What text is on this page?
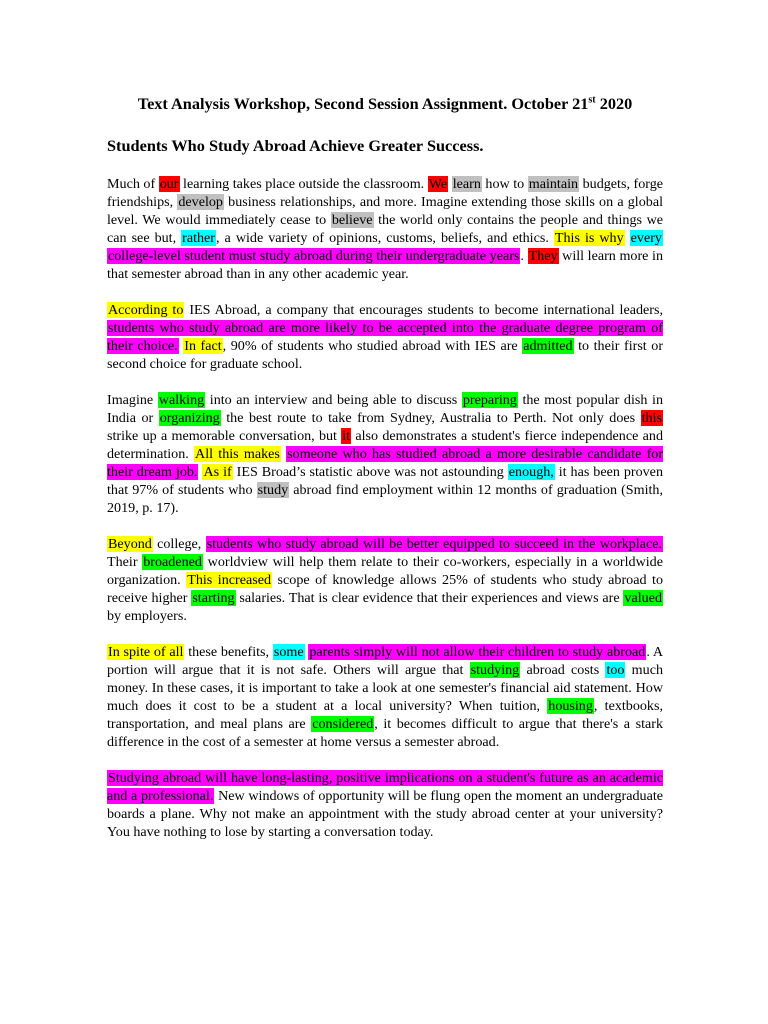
Text Analysis Workshop, Second Session Assignment. October 21st 2020
Students Who Study Abroad Achieve Greater Success.

Much of our learning takes place outside the classroom. We learn how to maintain budgets, forge friendships, develop business relationships, and more. Imagine extending those skills on a global level. We would immediately cease to believe the world only contains the people and things we can see but, rather, a wide variety of opinions, customs, beliefs, and ethics. This is why every college-level student must study abroad during their undergraduate years. They will learn more in that semester abroad than in any other academic year.

According to IES Abroad, a company that encourages students to become international leaders, students who study abroad are more likely to be accepted into the graduate degree program of their choice. In fact, 90% of students who studied abroad with IES are admitted to their first or second choice for graduate school.

Imagine walking into an interview and being able to discuss preparing the most popular dish in India or organizing the best route to take from Sydney, Australia to Perth. Not only does this strike up a memorable conversation, but it also demonstrates a student's fierce independence and determination. All this makes someone who has studied abroad a more desirable candidate for their dream job. As if IES Broad’s statistic above was not astounding enough, it has been proven that 97% of students who study abroad find employment within 12 months of graduation (Smith, 2019, p. 17).

Beyond college, students who study abroad will be better equipped to succeed in the workplace. Their broadened worldview will help them relate to their co-workers, especially in a worldwide organization. This increased scope of knowledge allows 25% of students who study abroad to receive higher starting salaries. That is clear evidence that their experiences and views are valued by employers.

In spite of all these benefits, some parents simply will not allow their children to study abroad. A portion will argue that it is not safe. Others will argue that studying abroad costs too much money. In these cases, it is important to take a look at one semester's financial aid statement. How much does it cost to be a student at a local university? When tuition, housing, textbooks, transportation, and meal plans are considered, it becomes difficult to argue that there's a stark difference in the cost of a semester at home versus a semester abroad.

Studying abroad will have long-lasting, positive implications on a student's future as an academic and a professional. New windows of opportunity will be flung open the moment an undergraduate boards a plane. Why not make an appointment with the study abroad center at your university? You have nothing to lose by starting a conversation today.
